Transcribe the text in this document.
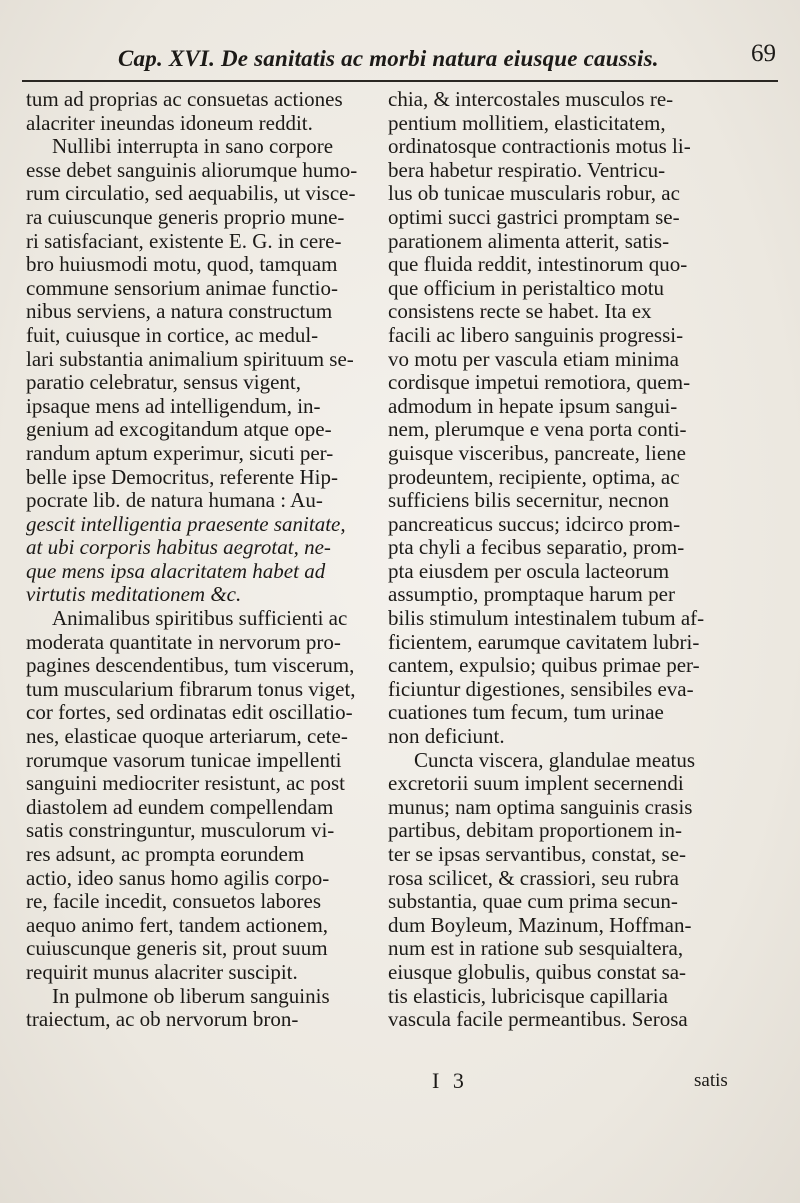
Cap. XVI. De sanitatis ac morbi natura eiusque caussis.	69
tum ad proprias ac consuetas actiones
alacriter ineundas idoneum reddit.
Nullibi interrupta in sano corpore
esse debet sanguinis aliorumque humo-
rum circulatio, sed aequabilis, ut visce-
ra cuiuscunque generis proprio mune-
ri satisfaciant, existente E. G. in cere-
bro huiusmodi motu, quod, tamquam
commune sensorium animae functio-
nibus serviens, a natura constructum
fuit, cuiusque in cortice, ac medul-
lari substantia animalium spirituum se-
paratio celebratur, sensus vigent,
ipsaque mens ad intelligendum, in-
genium ad excogitandum atque ope-
randum aptum experimur, sicuti per-
belle ipse Democritus, referente Hip-
pocrate lib. de natura humana : Au-
gescit intelligentia praesente sanitate,
at ubi corporis habitus aegrotat, ne-
que mens ipsa alacritatem habet ad
virtutis meditationem &c.
Animalibus spiritibus sufficienti ac
moderata quantitate in nervorum pro-
pagines descendentibus, tum viscerum,
tum muscularium fibrarum tonus viget,
cor fortes, sed ordinatas edit oscillatio-
nes, elasticae quoque arteriarum, cete-
rorumque vasorum tunicae impellenti
sanguini mediocriter resistunt, ac post
diastolem ad eundem compellendam
satis constringuntur, musculorum vi-
res adsunt, ac prompta eorundem
actio, ideo sanus homo agilis corpo-
re, facile incedit, consuetos labores
aequo animo fert, tandem actionem,
cuiuscunque generis sit, prout suum
requirit munus alacriter suscipit.
In pulmone ob liberum sanguinis
traiectum, ac ob nervorum bron-
chia, & intercostales musculos re-
pentium mollitiem, elasticitatem,
ordinatosque contractionis motus li-
bera habetur respiratio. Ventricu-
lus ob tunicae muscularis robur, ac
optimi succi gastrici promptam se-
parationem alimenta atterit, satis-
que fluida reddit, intestinorum quo-
que officium in peristaltico motu
consistens recte se habet. Ita ex
facili ac libero sanguinis progressi-
vo motu per vascula etiam minima
cordisque impetui remotiora, quem-
admodum in hepate ipsum sangui-
nem, plerumque e vena porta conti-
guisque visceribus, pancreate, liene
prodeuntem, recipiente, optima, ac
sufficiens bilis secernitur, necnon
pancreaticus succus; idcirco prom-
pta chyli a fecibus separatio, prom-
pta eiusdem per oscula lacteorum
assumptio, promptaque harum per
bilis stimulum intestinalem tubum af-
ficientem, earumque cavitatem lubri-
cantem, expulsio; quibus primae per-
ficiuntur digestiones, sensibiles eva-
cuationes tum fecum, tum urinae
non deficiunt.
Cuncta viscera, glandulae meatus
excretorii suum implent secernendi
munus; nam optima sanguinis crasis
partibus, debitam proportionem in-
ter se ipsas servantibus, constat, se-
rosa scilicet, & crassiori, seu rubra
substantia, quae cum prima secun-
dum Boyleum, Mazinum, Hoffman-
num est in ratione sub sesquialtera,
eiusque globulis, quibus constat sa-
tis elasticis, lubricisque capillaria
vascula facile permeantibus. Serosa
I 3	satis
